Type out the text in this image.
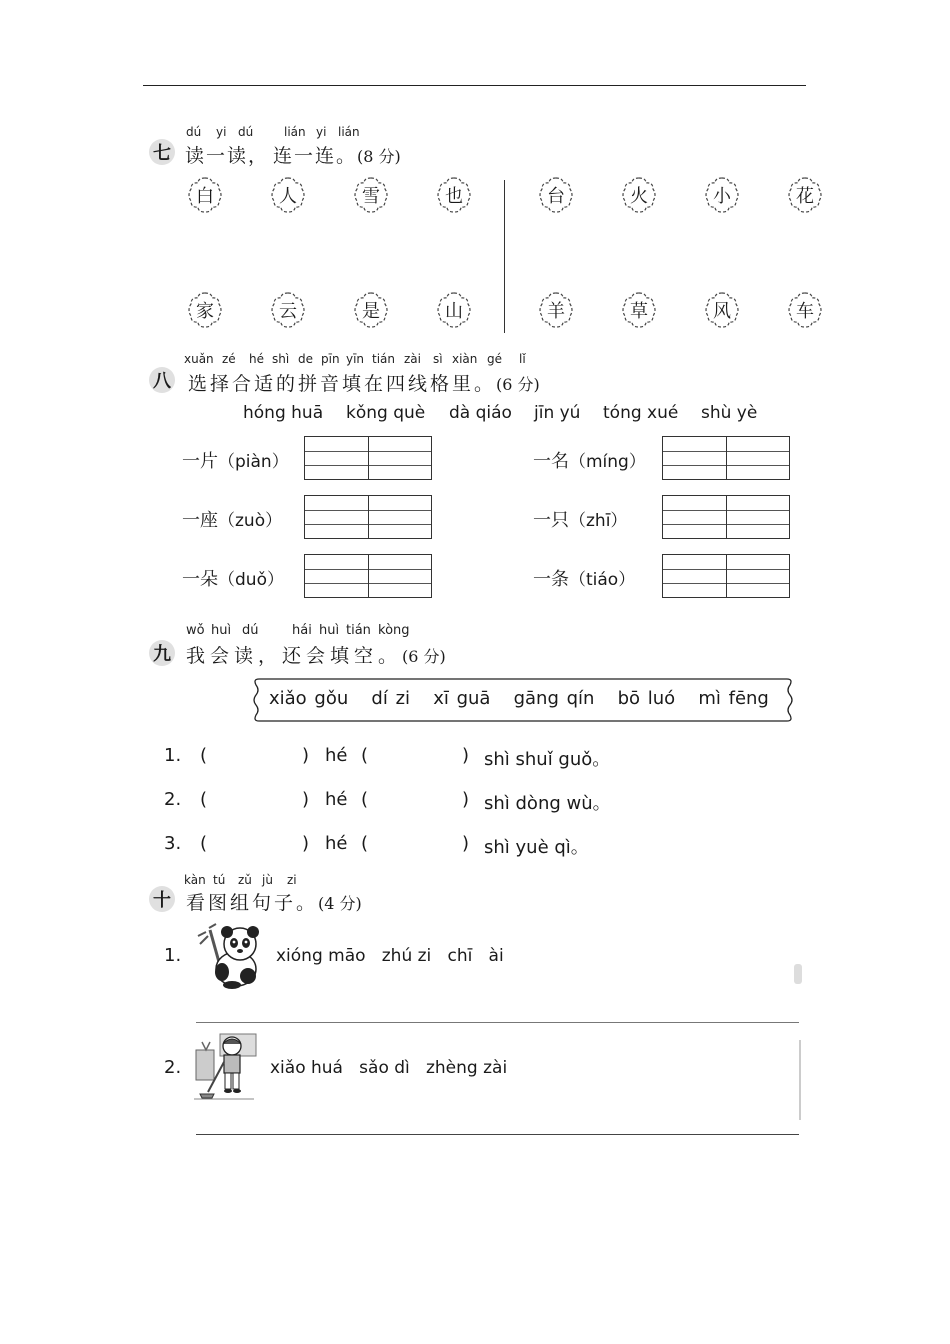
dú yi dú	lián yi lián
七 读一读， 连一连。(8 分)
白	人	雪	也	台	火	小	花
家	云	是	山	羊	草	风	车
xuǎn zé hé shì de pīn yīn tián zài sì xiàn gé lǐ
八 选择合适的拼音填在四线格里。(6 分)
hóng huā kǒng què dà qiáo jīn yú tóng xué shù yè
一片（piàn）	一名（míng）
一座（zuò）	一只（zhī）
一朵（duǒ）	一条（tiáo）
wǒ huì dú	hái huì tián kòng
九 我会读，还会填空。(6 分)
xiǎo gǒu   dí zi   xī guā   gāng qín   bō luó   mì fēng
1. (	) hé (	) shì shuǐ guǒ。
2. (	) hé (	) shì dòng wù。
3. (	) hé (	) shì yuè qì。
kàn tú zǔ jù zi
十 看图组句子。(4 分)
1.	xióng māo   zhú zi   chī   ài
2.	xiǎo huá   sǎo dì   zhèng zài
